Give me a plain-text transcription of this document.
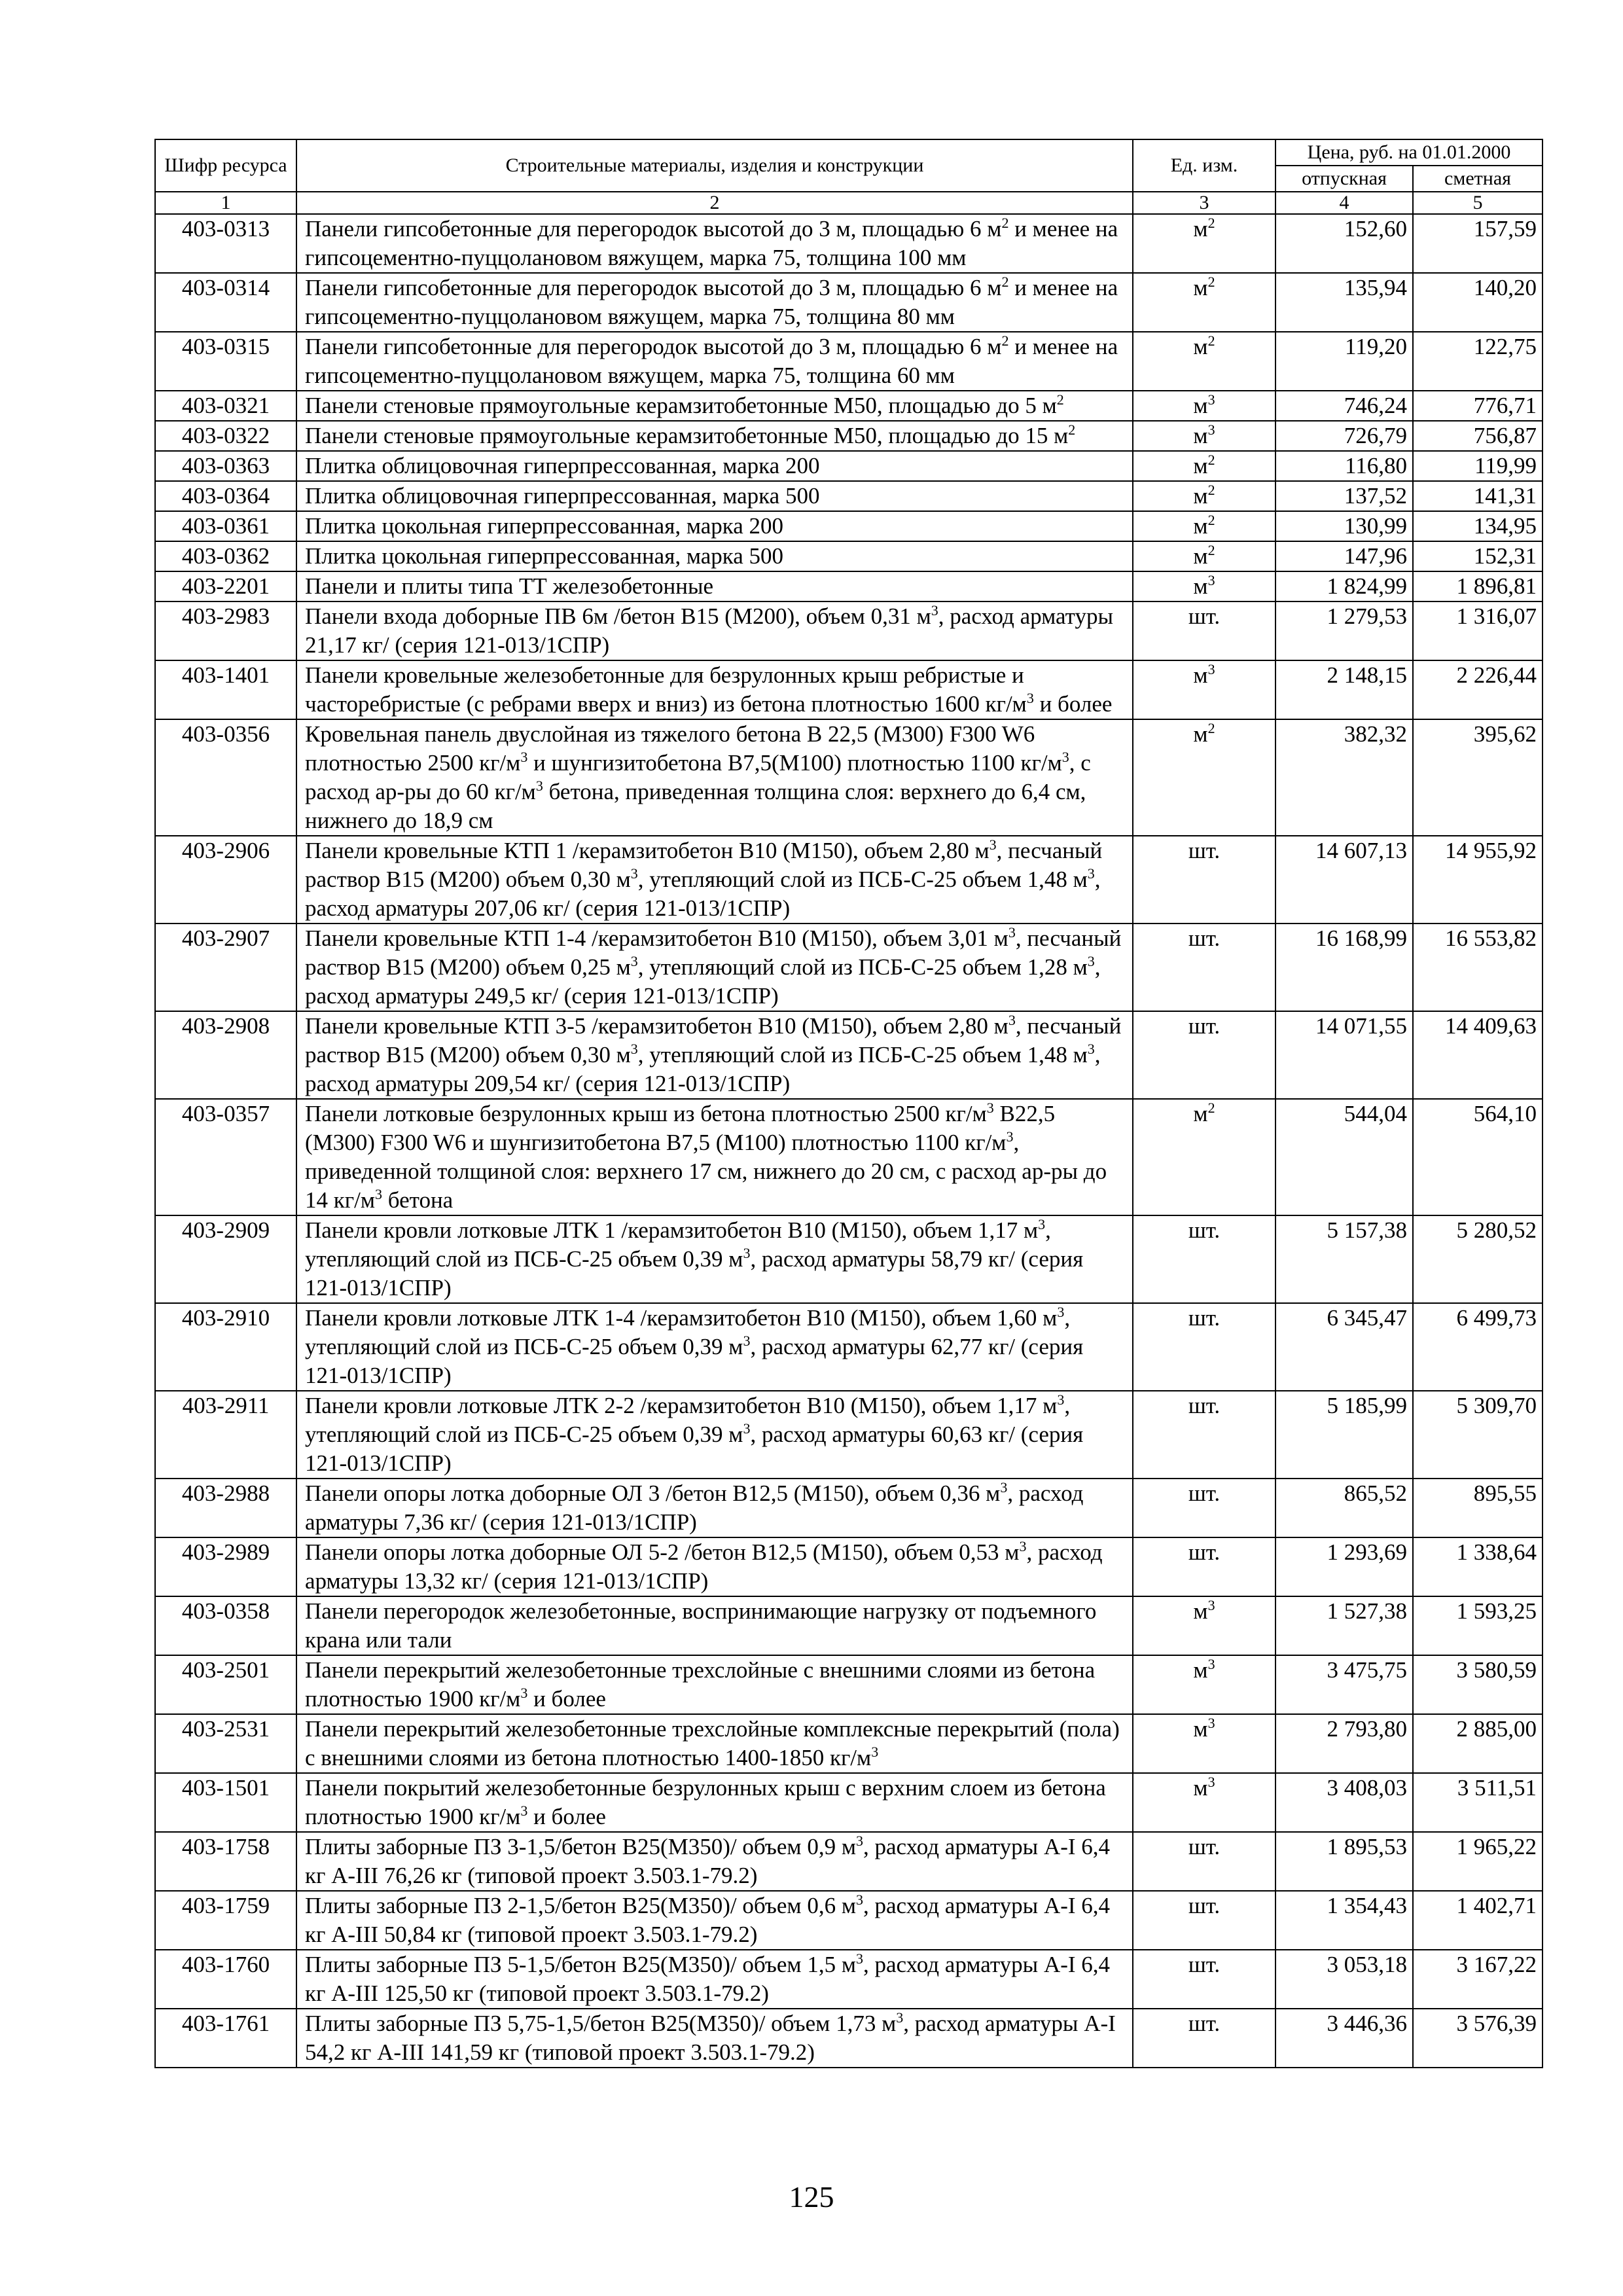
Шифр ресурса	Строительные материалы, изделия и конструкции	Ед. изм.	Цена, руб. на 01.01.2000	
			отпускная	сметная
1	2	3	4	5
403-0313	Панели гипсобетонные для перегородок высотой до 3 м, площадью 6 $м^2$ и менее на гипсоцементно-пуццолановом вяжущем, марка 75, толщина 100 мм	$м^2$	152,60	157,59
403-0314	Панели гипсобетонные для перегородок высотой до 3 м, площадью 6 $м^2$ и менее на гипсоцементно-пуццолановом вяжущем, марка 75, толщина 80 мм	$м^2$	135,94	140,20
403-0315	Панели гипсобетонные для перегородок высотой до 3 м, площадью 6 $м^2$ и менее на гипсоцементно-пуццолановом вяжущем, марка 75, толщина 60 мм	$м^2$	119,20	122,75
403-0321	Панели стеновые прямоугольные керамзитобетонные М50, площадью до 5 $м^2$	$м^3$	746,24	776,71
403-0322	Панели стеновые прямоугольные керамзитобетонные М50, площадью до 15 $м^2$	$м^3$	726,79	756,87
403-0363	Плитка облицовочная гиперпрессованная, марка 200	$м^2$	116,80	119,99
403-0364	Плитка облицовочная гиперпрессованная, марка 500	$м^2$	137,52	141,31
403-0361	Плитка цокольная гиперпрессованная, марка 200	$м^2$	130,99	134,95
403-0362	Плитка цокольная гиперпрессованная, марка 500	$м^2$	147,96	152,31
403-2201	Панели и плиты типа ТТ железобетонные	$м^3$	1 824,99	1 896,81
403-2983	Панели входа доборные ПВ 6м /бетон В15 (М200), объем 0,31 $м^3$, расход арматуры 21,17 кг/ (серия 121-013/1СПР)	шт.	1 279,53	1 316,07
403-1401	Панели кровельные железобетонные для безрулонных крыш ребристые и часторебристые (с ребрами вверх и вниз) из бетона плотностью 1600 $кг/м^3$ и более	$м^3$	2 148,15	2 226,44
403-0356	Кровельная панель двуслойная из тяжелого бетона В 22,5 (М300) F300 W6 плотностью 2500 $кг/м^3$ и шунгизитобетона В7,5(М100) плотностью 1100 $кг/м^3$, с расход ар-ры до 60 $кг/м^3$ бетона, приведенная толщина слоя: верхнего до 6,4 см, нижнего до 18,9 см	$м^2$	382,32	395,62
403-2906	Панели кровельные КТП 1 /керамзитобетон В10 (М150), объем 2,80 $м^3$, песчаный раствор В15 (М200) объем 0,30 $м^3$, утепляющий слой из ПСБ-С-25 объем 1,48 $м^3$, расход арматуры 207,06 кг/ (серия 121-013/1СПР)	шт.	14 607,13	14 955,92
403-2907	Панели кровельные КТП 1-4 /керамзитобетон В10 (М150), объем 3,01 $м^3$, песчаный раствор В15 (М200) объем 0,25 $м^3$, утепляющий слой из ПСБ-С-25 объем 1,28 $м^3$, расход арматуры 249,5 кг/ (серия 121-013/1СПР)	шт.	16 168,99	16 553,82
403-2908	Панели кровельные КТП 3-5 /керамзитобетон В10 (М150), объем 2,80 $м^3$, песчаный раствор В15 (М200) объем 0,30 $м^3$, утепляющий слой из ПСБ-С-25 объем 1,48 $м^3$, расход арматуры 209,54 кг/ (серия 121-013/1СПР)	шт.	14 071,55	14 409,63
403-0357	Панели лотковые безрулонных крыш из бетона плотностью 2500 $кг/м^3$ В22,5 (М300) F300 W6 и шунгизитобетона В7,5 (М100) плотностью 1100 $кг/м^3$, приведенной толщиной слоя: верхнего 17 см, нижнего до 20 см, с расход ар-ры до 14 $кг/м^3$ бетона	$м^2$	544,04	564,10
403-2909	Панели кровли лотковые ЛТК 1 /керамзитобетон В10 (М150), объем 1,17 $м^3$, утепляющий слой из ПСБ-С-25 объем 0,39 $м^3$, расход арматуры 58,79 кг/ (серия 121-013/1СПР)	шт.	5 157,38	5 280,52
403-2910	Панели кровли лотковые ЛТК 1-4 /керамзитобетон В10 (М150), объем 1,60 $м^3$, утепляющий слой из ПСБ-С-25 объем 0,39 $м^3$, расход арматуры 62,77 кг/ (серия 121-013/1СПР)	шт.	6 345,47	6 499,73
403-2911	Панели кровли лотковые ЛТК 2-2 /керамзитобетон В10 (М150), объем 1,17 $м^3$, утепляющий слой из ПСБ-С-25 объем 0,39 $м^3$, расход арматуры 60,63 кг/ (серия 121-013/1СПР)	шт.	5 185,99	5 309,70
403-2988	Панели опоры лотка доборные ОЛ 3 /бетон В12,5 (М150), объем 0,36 $м^3$, расход арматуры 7,36 кг/ (серия 121-013/1СПР)	шт.	865,52	895,55
403-2989	Панели опоры лотка доборные ОЛ 5-2 /бетон В12,5 (М150), объем 0,53 $м^3$, расход арматуры 13,32 кг/ (серия 121-013/1СПР)	шт.	1 293,69	1 338,64
403-0358	Панели перегородок железобетонные, воспринимающие нагрузку от подъемного крана или тали	$м^3$	1 527,38	1 593,25
403-2501	Панели перекрытий железобетонные трехслойные с внешними слоями из бетона плотностью 1900 $кг/м^3$ и более	$м^3$	3 475,75	3 580,59
403-2531	Панели перекрытий железобетонные трехслойные комплексные перекрытий (пола) с внешними слоями из бетона плотностью 1400-1850 $кг/м^3$	$м^3$	2 793,80	2 885,00
403-1501	Панели покрытий железобетонные безрулонных крыш с верхним слоем из бетона плотностью 1900 $кг/м^3$ и более	$м^3$	3 408,03	3 511,51
403-1758	Плиты заборные ПЗ 3-1,5/бетон В25(М350)/ объем 0,9 $м^3$, расход арматуры А-I 6,4 кг А-III 76,26 кг (типовой проект 3.503.1-79.2)	шт.	1 895,53	1 965,22
403-1759	Плиты заборные ПЗ 2-1,5/бетон В25(М350)/ объем 0,6 $м^3$, расход арматуры А-I 6,4 кг А-III 50,84 кг (типовой проект 3.503.1-79.2)	шт.	1 354,43	1 402,71
403-1760	Плиты заборные ПЗ 5-1,5/бетон В25(М350)/ объем 1,5 $м^3$, расход арматуры А-I 6,4 кг А-III 125,50 кг (типовой проект 3.503.1-79.2)	шт.	3 053,18	3 167,22
403-1761	Плиты заборные ПЗ 5,75-1,5/бетон В25(М350)/ объем 1,73 $м^3$, расход арматуры А-I 54,2 кг А-III 141,59 кг (типовой проект 3.503.1-79.2)	шт.	3 446,36	3 576,39
125
